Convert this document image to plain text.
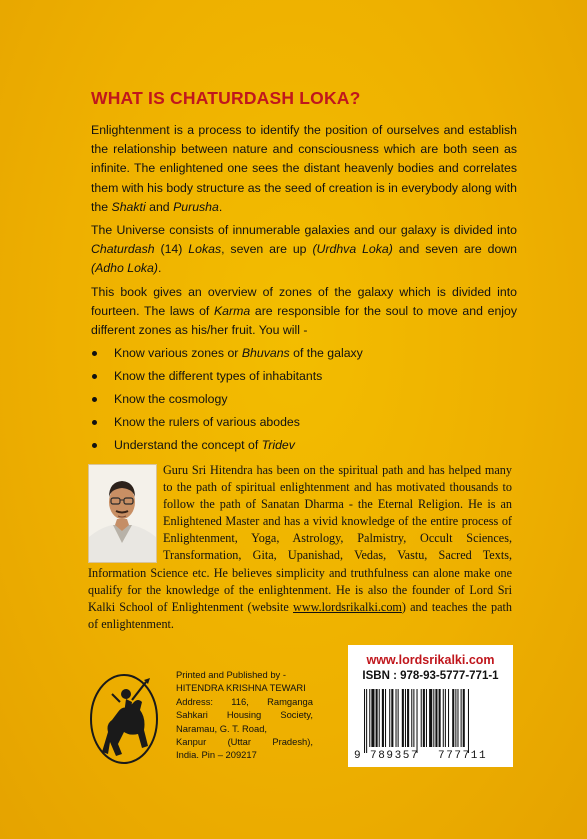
WHAT IS CHATURDASH LOKA?

Enlightenment is a process to identify the position of ourselves and establish the relationship between nature and consciousness which are both seen as infinite. The enlightened one sees the distant heavenly bodies and correlates them with his body structure as the seed of creation is in everybody along with the Shakti and Purusha.

The Universe consists of innumerable galaxies and our galaxy is divided into Chaturdash (14) Lokas, seven are up (Urdhva Loka) and seven are down (Adho Loka).

This book gives an overview of zones of the galaxy which is divided into fourteen. The laws of Karma are responsible for the soul to move and enjoy different zones as his/her fruit. You will -

Know various zones or Bhuvans of the galaxy
Know the different types of inhabitants
Know the cosmology
Know the rulers of various abodes
Understand the concept of Tridev
Guru Sri Hitendra has been on the spiritual path and has helped many to the path of spiritual enlightenment and has motivated thousands to follow the path of Sanatan Dharma - the Eternal Religion. He is an Enlightened Master and has a vivid knowledge of the entire process of Enlightenment, Yoga, Astrology, Palmistry, Occult Sciences, Transformation, Gita, Upanishad, Vedas, Vastu, Sacred Texts, Information Science etc. He believes simplicity and truthfulness can alone make one qualify for the knowledge of the enlightenment. He is also the founder of Lord Sri Kalki School of Enlightenment (website www.lordsrikalki.com) and teaches the path of enlightenment.
Printed and Published by -
HITENDRA KRISHNA TEWARI
Address: 116, Ramganga
Sahkari Housing Society,
Naramau, G. T. Road,
Kanpur (Uttar Pradesh),
India. Pin – 209217
www.lordsrikalki.com
ISBN : 978-93-5777-771-1
9 789357 777711
